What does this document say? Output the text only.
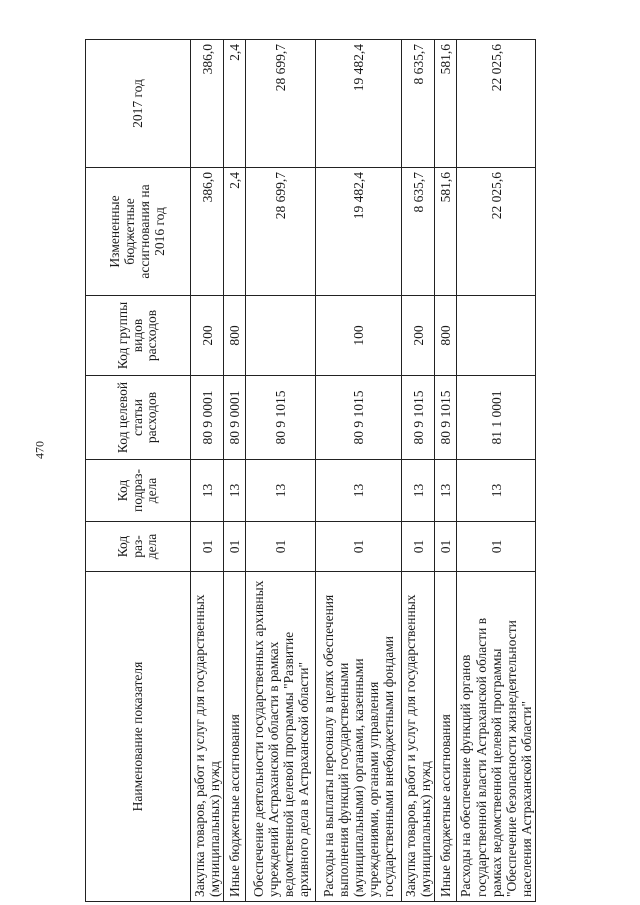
470
Наименование показателя	Код раз- дела	Код подраз- дела	Код целевой статьи расходов	Код группы видов расходов	Измененные бюджетные ассигнования на 2016 год	2017 год
Закупка товаров, работ и услуг для государственных (муниципальных) нужд	01	13	80 9 0001	200	386,0	386,0
Иные бюджетные ассигнования	01	13	80 9 0001	800	2,4	2,4
Обеспечение деятельности государственных архивных учреждений Астраханской области в рамках ведомственной целевой программы "Развитие архивного дела в Астраханской области"	01	13	80 9 1015		28 699,7	28 699,7
Расходы на выплаты персоналу в целях обеспечения выполнения функций государственными (муниципальными) органами, казенными учреждениями, органами управления государственными внебюджетными фондами	01	13	80 9 1015	100	19 482,4	19 482,4
Закупка товаров, работ и услуг для государственных (муниципальных) нужд	01	13	80 9 1015	200	8 635,7	8 635,7
Иные бюджетные ассигнования	01	13	80 9 1015	800	581,6	581,6
Расходы на обеспечение функций органов государственной власти Астраханской области в рамках ведомственной целевой программы "Обеспечение безопасности жизнедеятельности населения Астраханской области"	01	13	81 1 0001		22 025,6	22 025,6
